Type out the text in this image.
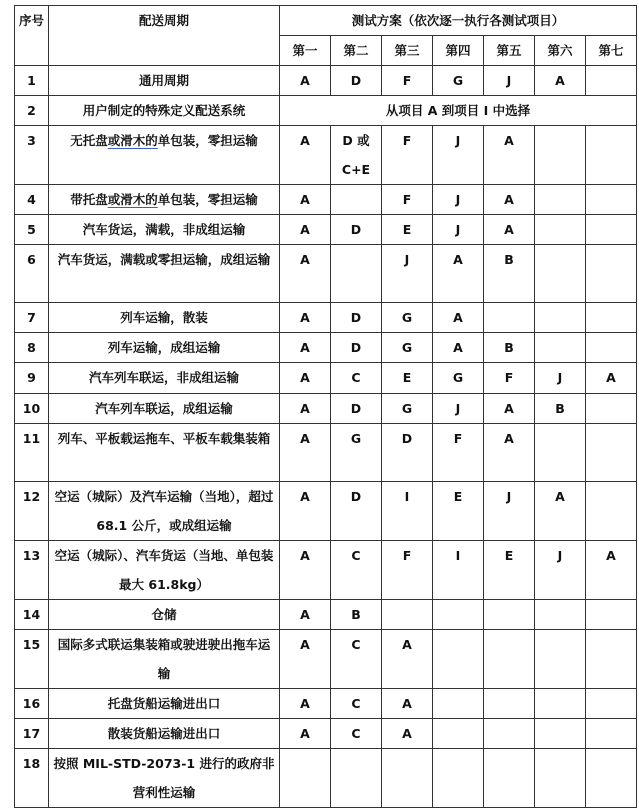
序号	配送周期	测试方案（依次逐一执行各测试项目）						
		第一	第二	第三	第四	第五	第六	第七
1	通用周期	A	D	F	G	J	A	
2	用户制定的特殊定义配送系统	从项目 A 到项目 I 中选择						
3	无托盘或滑木的单包装，零担运输	A	D 或 C+E	F	J	A		
4	带托盘或滑木的单包装，零担运输	A		F	J	A		
5	汽车货运，满载，非成组运输	A	D	E	J	A		
6	汽车货运，满载或零担运输，成组运输	A		J	A	B		
7	列车运输，散装	A	D	G	A			
8	列车运输，成组运输	A	D	G	A	B		
9	汽车列车联运，非成组运输	A	C	E	G	F	J	A
10	汽车列车联运，成组运输	A	D	G	J	A	B	
11	列车、平板载运拖车、平板车载集装箱	A	G	D	F	A		
12	空运（城际）及汽车运输（当地），超过 68.1 公斤，或成组运输	A	D	I	E	J	A	
13	空运（城际）、汽车货运（当地、单包装最大 61.8kg）	A	C	F	I	E	J	A
14	仓储	A	B					
15	国际多式联运集装箱或驶进驶出拖车运输	A	C	A				
16	托盘货船运输进出口	A	C	A				
17	散装货船运输进出口	A	C	A				
18	按照 MIL-STD-2073-1 进行的政府非营利性运输							
